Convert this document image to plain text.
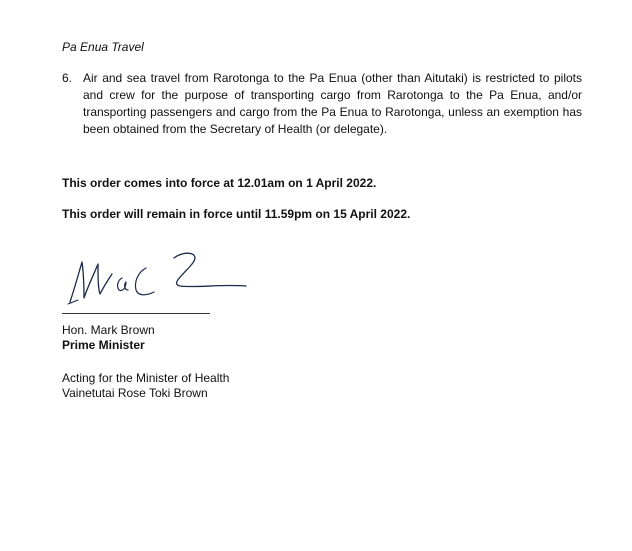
Pa Enua Travel
6. Air and sea travel from Rarotonga to the Pa Enua (other than Aitutaki) is restricted to pilots and crew for the purpose of transporting cargo from Rarotonga to the Pa Enua, and/or transporting passengers and cargo from the Pa Enua to Rarotonga, unless an exemption has been obtained from the Secretary of Health (or delegate).
This order comes into force at 12.01am on 1 April 2022.
This order will remain in force until 11.59pm on 15 April 2022.
Hon. Mark Brown
Prime Minister
Acting for the Minister of Health
Vainetutai Rose Toki Brown
